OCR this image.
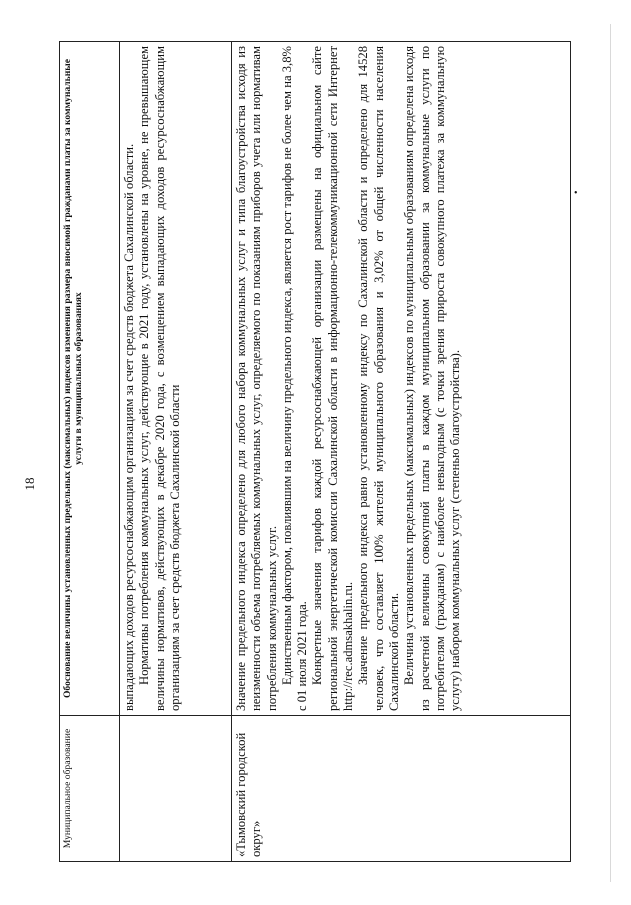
18
Муниципальное образование	Обоснование величины установленных предельных (максимальных) индексов изменения размера вносимой гражданами платы за коммунальные услуги в муниципальных образованиях

	выпадающих доходов ресурсоснабжающим организациям за счет средств бюджета Сахалинской области. Нормативы потребления коммунальных услуг, действующие в 2021 году, установлены на уровне, не превышающем величины нормативов, действующих в декабре 2020 года, с возмещением выпадающих доходов ресурсоснабжающим организациям за счет средств бюджета Сахалинской области

«Тымовский городской округ»	Значение предельного индекса определено для любого набора коммунальных услуг и типа благоустройства исходя из неизменности объема потребляемых коммунальных услуг, определяемого по показаниям приборов учета или нормативам потребления коммунальных услуг. Единственным фактором, повлиявшим на величину предельного индекса, является рост тарифов не более чем на 3,8% с 01 июля 2021 года. Конкретные значения тарифов каждой ресурсоснабжающей организации размещены на официальном сайте региональной энергетической комиссии Сахалинской области в информационно-телекоммуникационной сети Интернет http://rec.admsakhalin.ru. Значение предельного индекса равно установленному индексу по Сахалинской области и определено для 14528 человек, что составляет 100% жителей муниципального образования и 3,02% от общей численности населения Сахалинской области. Величина установленных предельных (максимальных) индексов по муниципальным образованиям определена исходя из расчетной величины совокупной платы в каждом муниципальном образовании за коммунальные услуги по потребителям (гражданам) с наиболее невыгодным (с точки зрения прироста совокупного платежа за коммунальную услугу) набором коммунальных услуг (степенью благоустройства).

•
